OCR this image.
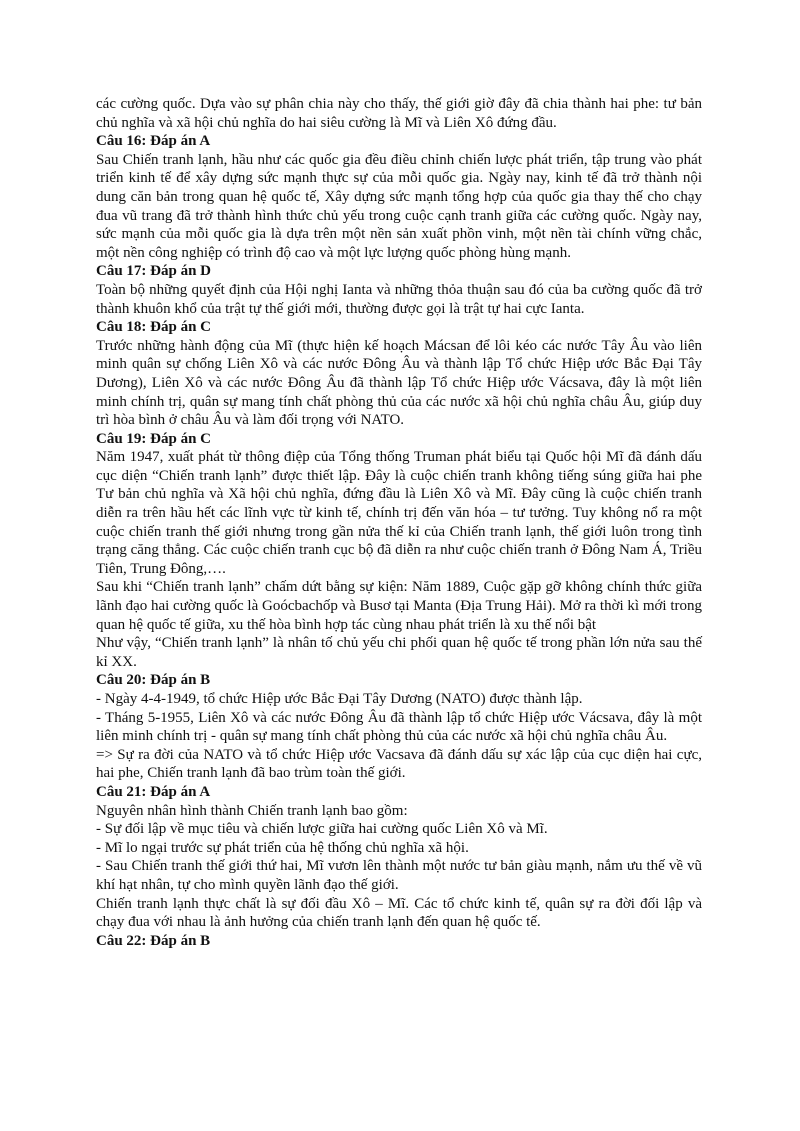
các cường quốc. Dựa vào sự phân chia này cho thấy, thế giới giờ đây đã chia thành hai phe: tư bản chủ nghĩa và xã hội chủ nghĩa do hai siêu cường là Mĩ và Liên Xô đứng đầu.

Câu 16: Đáp án A

Sau Chiến tranh lạnh, hầu như các quốc gia đều điều chỉnh chiến lược phát triển, tập trung vào phát triển kinh tế để xây dựng sức mạnh thực sự của mỗi quốc gia. Ngày nay, kinh tế đã trở thành nội dung căn bản trong quan hệ quốc tế, Xây dựng sức mạnh tổng hợp của quốc gia thay thế cho chạy đua vũ trang đã trở thành hình thức chủ yếu trong cuộc cạnh tranh giữa các cường quốc. Ngày nay, sức mạnh của mỗi quốc gia là dựa trên một nền sản xuất phồn vinh, một nền tài chính vững chắc, một nền công nghiệp có trình độ cao và một lực lượng quốc phòng hùng mạnh.

Câu 17: Đáp án D

Toàn bộ những quyết định của Hội nghị Ianta và những thỏa thuận sau đó của ba cường quốc đã trở thành khuôn khổ của trật tự thế giới mới, thường được gọi là trật tự hai cực Ianta.

Câu 18: Đáp án C

Trước những hành động của Mĩ (thực hiện kế hoạch Mácsan để lôi kéo các nước Tây Âu vào liên minh quân sự chống Liên Xô và các nước Đông Âu và thành lập Tổ chức Hiệp ước Bắc Đại Tây Dương), Liên Xô và các nước Đông Âu đã thành lập Tổ chức Hiệp ước Vácsava, đây là một liên minh chính trị, quân sự mang tính chất phòng thủ của các nước xã hội chủ nghĩa châu Âu, giúp duy trì hòa bình ở châu Âu và làm đối trọng với NATO.

Câu 19: Đáp án C

Năm 1947, xuất phát từ thông điệp của Tổng thống Truman phát biểu tại Quốc hội Mĩ đã đánh dấu cục diện “Chiến tranh lạnh” được thiết lập. Đây là cuộc chiến tranh không tiếng súng giữa hai phe Tư bản chủ nghĩa và Xã hội chủ nghĩa, đứng đầu là Liên Xô và Mĩ. Đây cũng là cuộc chiến tranh diễn ra trên hầu hết các lĩnh vực từ kinh tế, chính trị đến văn hóa – tư tưởng. Tuy không nổ ra một cuộc chiến tranh thế giới nhưng trong gần nửa thế kỉ của Chiến tranh lạnh, thế giới luôn trong tình trạng căng thẳng. Các cuộc chiến tranh cục bộ đã diễn ra như cuộc chiến tranh ở Đông Nam Á, Triều Tiên, Trung Đông,….

Sau khi “Chiến tranh lạnh” chấm dứt bằng sự kiện: Năm 1889, Cuộc gặp gỡ không chính thức giữa lãnh đạo hai cường quốc là Goócbachốp và Busơ tại Manta (Địa Trung Hải). Mở ra thời kì mới trong quan hệ quốc tế giữa, xu thế hòa bình hợp tác cùng nhau phát triển là xu thế nổi bật

Như vậy, “Chiến tranh lạnh” là nhân tố chủ yếu chi phối quan hệ quốc tế trong phần lớn nửa sau thế kỉ XX.

Câu 20: Đáp án B

- Ngày 4-4-1949, tổ chức Hiệp ước Bắc Đại Tây Dương (NATO) được thành lập.

- Tháng 5-1955, Liên Xô và các nước Đông Âu đã thành lập tổ chức Hiệp ước Vácsava, đây là một liên minh chính trị - quân sự mang tính chất phòng thủ của các nước xã hội chủ nghĩa châu Âu.

=> Sự ra đời của NATO và tổ chức Hiệp ước Vacsava đã đánh dấu sự xác lập của cục diện hai cực, hai phe, Chiến tranh lạnh đã bao trùm toàn thế giới.

Câu 21: Đáp án A

Nguyên nhân hình thành Chiến tranh lạnh bao gồm:

- Sự đối lập về mục tiêu và chiến lược giữa hai cường quốc Liên Xô và Mĩ.

- Mĩ lo ngại trước sự phát triển của hệ thống chủ nghĩa xã hội.

- Sau Chiến tranh thế giới thứ hai, Mĩ vươn lên thành một nước tư bản giàu mạnh, nắm ưu thế về vũ khí hạt nhân, tự cho mình quyền lãnh đạo thế giới.

Chiến tranh lạnh thực chất là sự đối đầu Xô – Mĩ. Các tổ chức kinh tế, quân sự ra đời đối lập và chạy đua với nhau là ảnh hưởng của chiến tranh lạnh đến quan hệ quốc tế.

Câu 22: Đáp án B
